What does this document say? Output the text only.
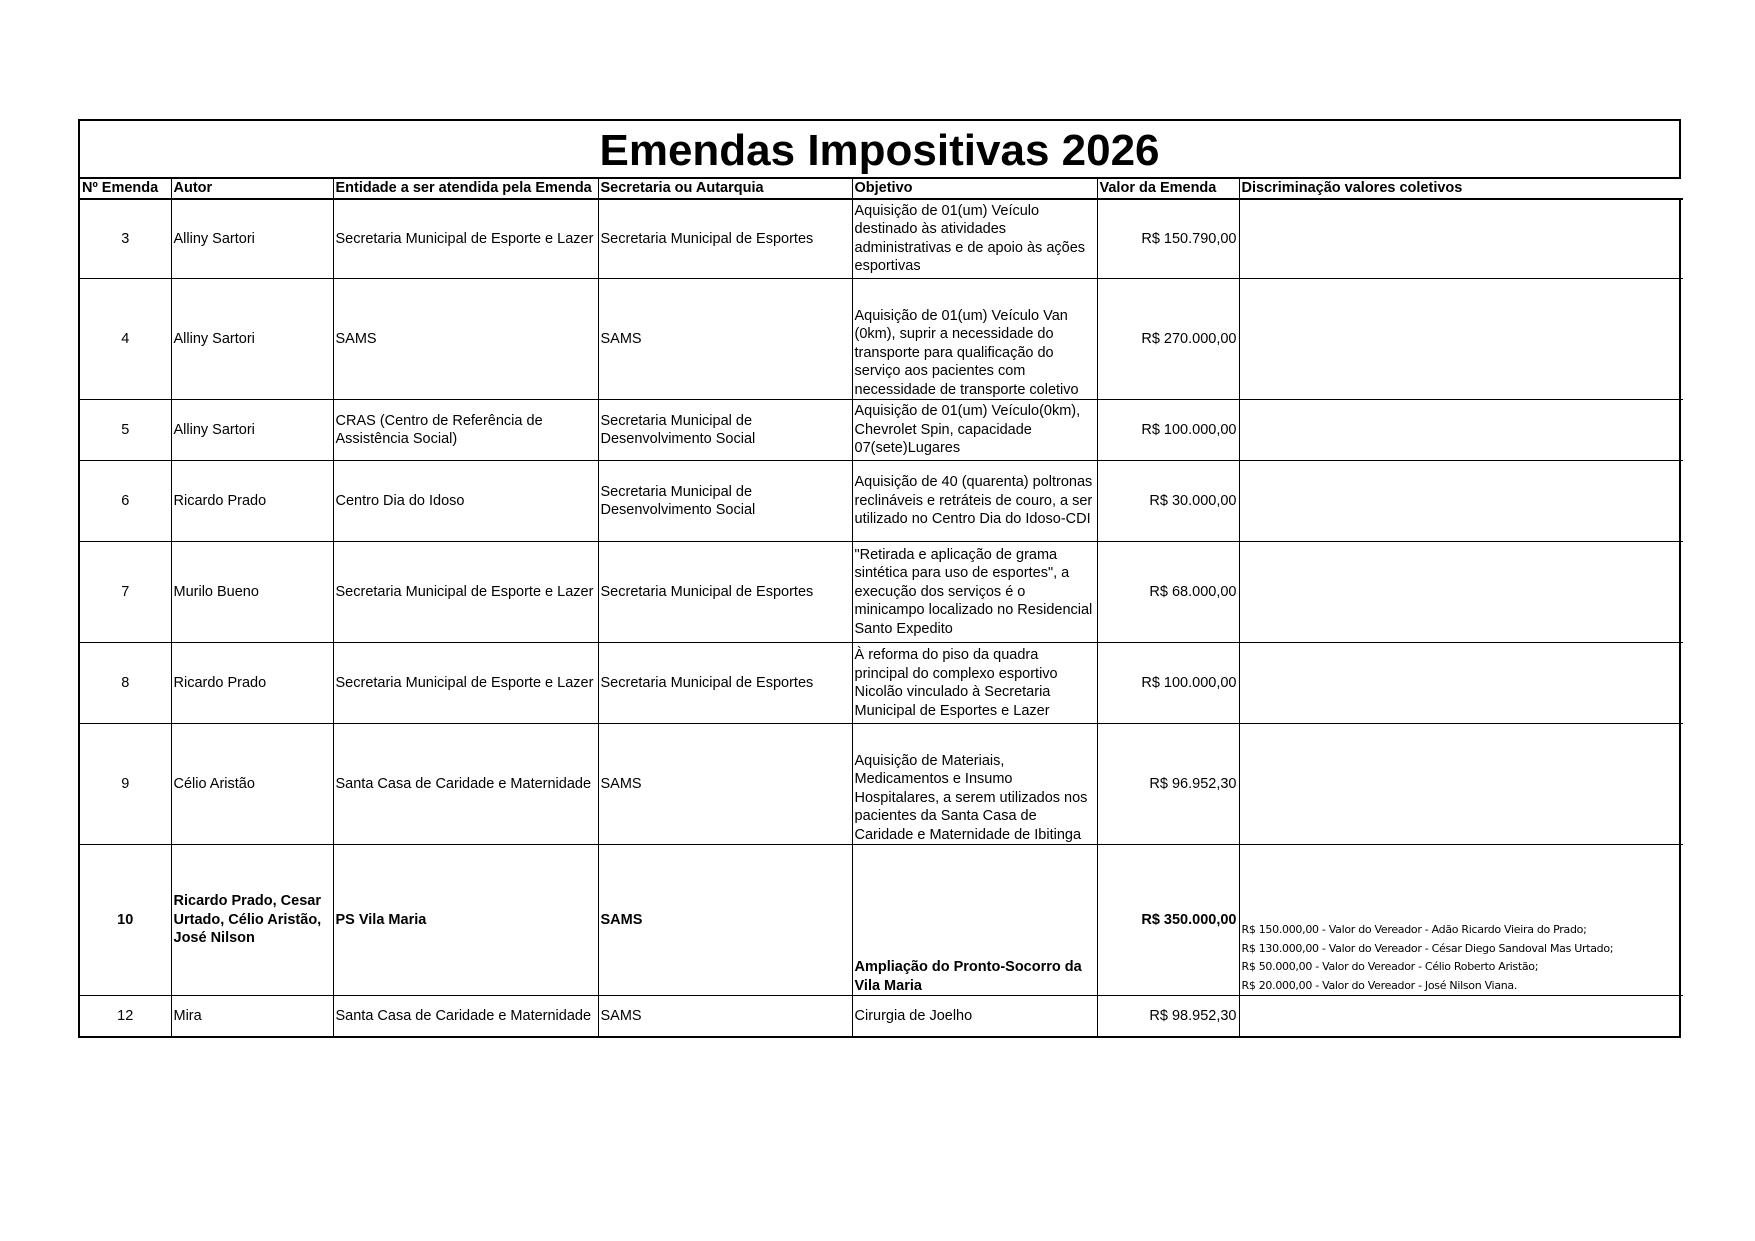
Emendas Impositivas 2026
Nº Emenda	Autor	Entidade a ser atendida pela Emenda	Secretaria ou Autarquia	Objetivo	Valor da Emenda	Discriminação valores coletivos
3	Alliny Sartori	Secretaria Municipal de Esporte e Lazer	Secretaria Municipal de Esportes	Aquisição de 01(um) Veículo destinado às atividades administrativas e de apoio às ações esportivas	R$ 150.790,00	
4	Alliny Sartori	SAMS	SAMS	Aquisição de 01(um) Veículo Van (0km), suprir a necessidade do transporte para qualificação do serviço aos pacientes com necessidade de transporte coletivo	R$ 270.000,00	
5	Alliny Sartori	CRAS (Centro de Referência de Assistência Social)	Secretaria Municipal de Desenvolvimento Social	Aquisição de 01(um) Veículo(0km), Chevrolet Spin, capacidade 07(sete)Lugares	R$ 100.000,00	
6	Ricardo Prado	Centro Dia do Idoso	Secretaria Municipal de Desenvolvimento Social	Aquisição de 40 (quarenta) poltronas reclináveis e retráteis de couro, a ser utilizado no Centro Dia do Idoso-CDI	R$ 30.000,00	
7	Murilo Bueno	Secretaria Municipal de Esporte e Lazer	Secretaria Municipal de Esportes	"Retirada e aplicação de grama sintética para uso de esportes", a execução dos serviços é o minicampo localizado no Residencial Santo Expedito	R$ 68.000,00	
8	Ricardo Prado	Secretaria Municipal de Esporte e Lazer	Secretaria Municipal de Esportes	À reforma do piso da quadra principal do complexo esportivo Nicolão vinculado à Secretaria Municipal de Esportes e Lazer	R$ 100.000,00	
9	Célio Aristão	Santa Casa de Caridade e Maternidade	SAMS	Aquisição de Materiais, Medicamentos e Insumo Hospitalares, a serem utilizados nos pacientes da Santa Casa de Caridade e Maternidade de Ibitinga	R$ 96.952,30	
10	Ricardo Prado, Cesar Urtado, Célio Aristão, José Nilson	PS Vila Maria	SAMS	Ampliação do Pronto-Socorro da Vila Maria	R$ 350.000,00	R$ 150.000,00 - Valor do Vereador - Adão Ricardo Vieira do Prado;
R$ 130.000,00 - Valor do Vereador - César Diego Sandoval Mas Urtado;
R$ 50.000,00 - Valor do Vereador - Célio Roberto Aristão;
R$ 20.000,00 - Valor do Vereador - José Nilson Viana.

12	Mira	Santa Casa de Caridade e Maternidade	SAMS	Cirurgia de Joelho	R$ 98.952,30	
